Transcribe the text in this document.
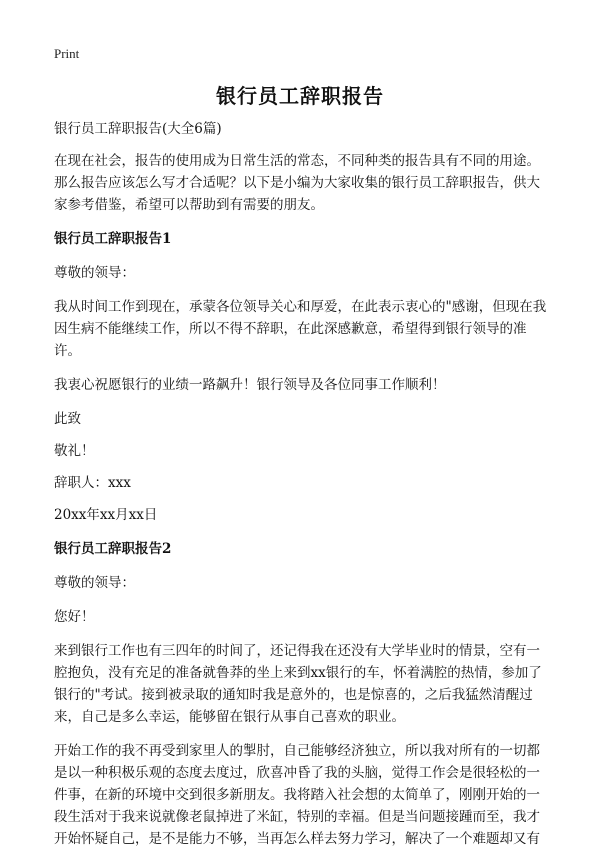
Print
银行员工辞职报告

银行员工辞职报告(大全6篇)

在现在社会，报告的使用成为日常生活的常态，不同种类的报告具有不同的用途。那么报告应该怎么写才合适呢？以下是小编为大家收集的银行员工辞职报告，供大家参考借鉴，希望可以帮助到有需要的朋友。

银行员工辞职报告1

尊敬的领导：

我从时间工作到现在，承蒙各位领导关心和厚爱，在此表示衷心的"感谢，但现在我因生病不能继续工作，所以不得不辞职，在此深感歉意，希望得到银行领导的准许。

我衷心祝愿银行的业绩一路飙升！银行领导及各位同事工作顺利！

此致

敬礼！

辞职人：xxx

20xx年xx月xx日

银行员工辞职报告2

尊敬的领导：

您好！

来到银行工作也有三四年的时间了，还记得我在还没有大学毕业时的情景，空有一腔抱负，没有充足的准备就鲁莽的坐上来到xx银行的车，怀着满腔的热情，参加了银行的"考试。接到被录取的通知时我是意外的，也是惊喜的，之后我猛然清醒过来，自己是多么幸运，能够留在银行从事自己喜欢的职业。

开始工作的我不再受到家里人的掣肘，自己能够经济独立，所以我对所有的一切都是以一种积极乐观的态度去度过，欣喜冲昏了我的头脑，觉得工作会是很轻松的一件事，在新的环境中交到很多新朋友。我将踏入社会想的太简单了，刚刚开始的一段生活对于我来说就像老鼠掉进了米缸，特别的幸福。但是当问题接踵而至，我才开始怀疑自己，是不是能力不够，当再怎么样去努力学习，解决了一个难题却又有
